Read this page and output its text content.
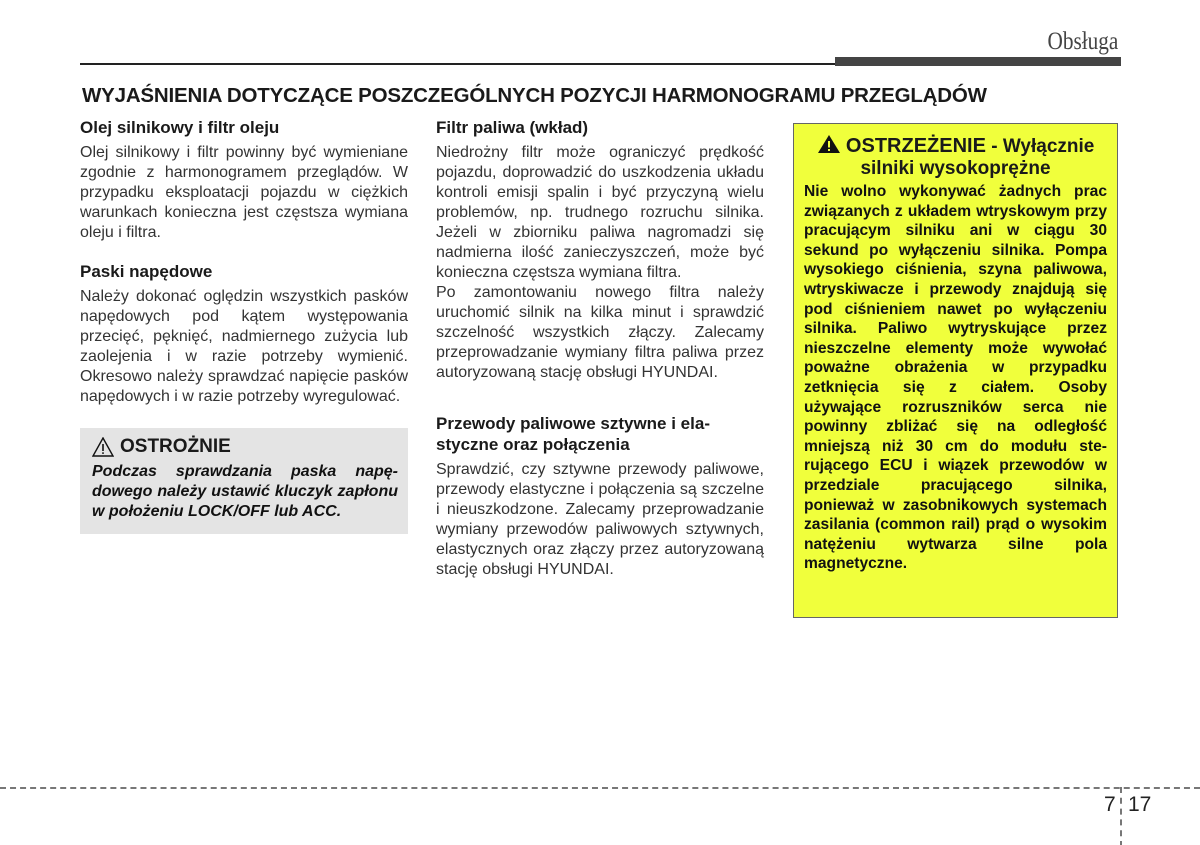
Obsługa
WYJAŚNIENIA DOTYCZĄCE POSZCZEGÓLNYCH POZYCJI HARMONOGRAMU PRZEGLĄDÓW
Olej silnikowy i filtr oleju

Olej silnikowy i filtr powinny być wymieniane zgodnie z harmonogramem przeglądów. W przypadku eksploatacji pojazdu w ciężkich warunkach konieczna jest częstsza wymiana oleju i filtra.

Paski napędowe

Należy dokonać oględzin wszystkich pasków napędowych pod kątem występowania przecięć, pęknięć, nadmiernego zużycia lub zaolejenia i w razie potrzeby wymienić. Okresowo należy sprawdzać napięcie pasków napędowych i w razie potrzeby wyregulować.

OSTROŻNIE

Podczas sprawdzania paska napędowego należy ustawić kluczyk zapłonu w położeniu LOCK/OFF lub ACC.

Filtr paliwa (wkład)

Niedrożny filtr może ograniczyć prędkość pojazdu, doprowadzić do uszkodzenia układu kontroli emisji spalin i być przyczyną wielu problemów, np. trudnego rozruchu silnika. Jeżeli w zbiorniku paliwa nagromadzi się nadmierna ilość zanieczyszczeń, może być konieczna częstsza wymiana filtra.

Po zamontowaniu nowego filtra należy uruchomić silnik na kilka minut i sprawdzić szczelność wszystkich złączy. Zalecamy przeprowadzanie wymiany filtra paliwa przez autoryzowaną stację obsługi HYUNDAI.

Przewody paliwowe sztywne i elastyczne oraz połączenia

Sprawdzić, czy sztywne przewody paliwowe, przewody elastyczne i połączenia są szczelne i nieuszkodzone. Zalecamy przeprowadzanie wymiany przewodów paliwowych sztywnych, elastycznych oraz złączy przez autoryzowaną stację obsługi HYUNDAI.

OSTRZEŻENIE - Wyłącznie silniki wysokoprężne

Nie wolno wykonywać żadnych prac związanych z układem wtryskowym przy pracującym silniku ani w ciągu 30 sekund po wyłączeniu silnika. Pompa wysokiego ciśnienia, szyna paliwowa, wtryskiwacze i przewody znajdują się pod ciśnieniem nawet po wyłączeniu silnika. Paliwo wytryskujące przez nieszczelne elementy może wywołać poważne obrażenia w przypadku zetknięcia się z ciałem. Osoby używające rozruszników serca nie powinny zbliżać się na odległość mniejszą niż 30 cm do modułu sterującego ECU i wiązek przewodów w przedziale pracującego silnika, ponieważ w zasobnikowych systemach zasilania (common rail) prąd o wysokim natężeniu wytwarza silne pola magnetyczne.

7 17
